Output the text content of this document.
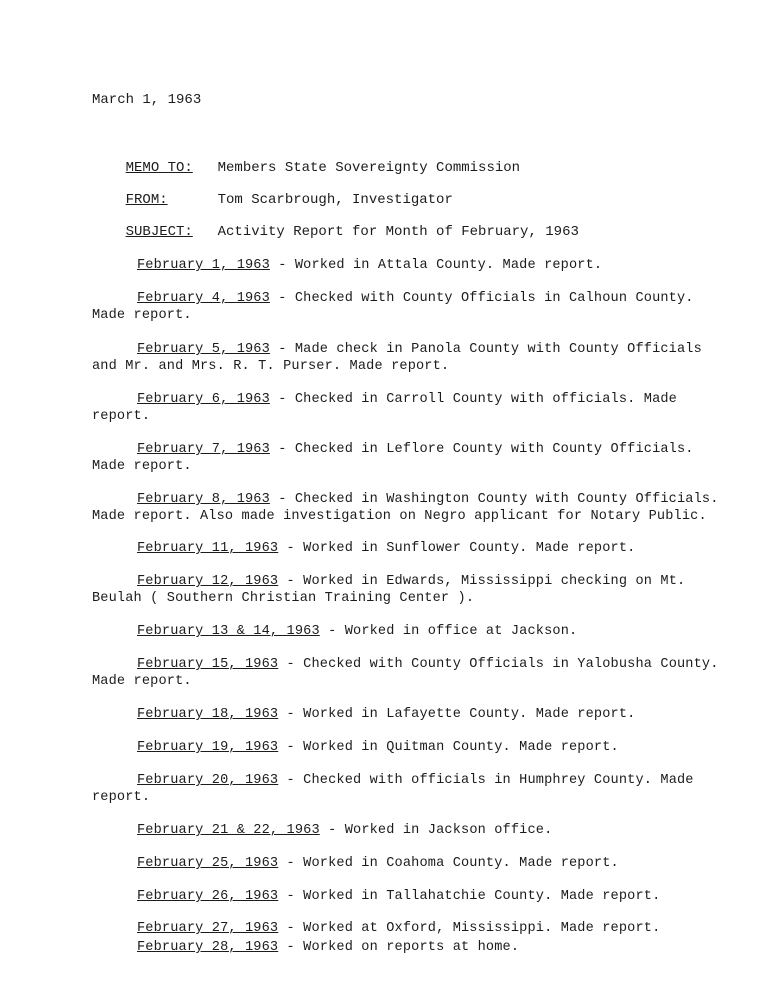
March 1, 1963

MEMO TO: Members State Sovereignty Commission

FROM:	Tom Scarbrough, Investigator

SUBJECT: Activity Report for Month of February, 1963

February 1, 1963 - Worked in Attala County. Made report.
February 4, 1963 - Checked with County Officials in Calhoun County. Made report.
February 5, 1963 - Made check in Panola County with County Officials and Mr. and Mrs. R. T. Purser. Made report.
February 6, 1963 - Checked in Carroll County with officials. Made report.
February 7, 1963 - Checked in Leflore County with County Officials. Made report.
February 8, 1963 - Checked in Washington County with County Officials. Made report. Also made investigation on Negro applicant for Notary Public.
February 11, 1963 - Worked in Sunflower County. Made report.
February 12, 1963 - Worked in Edwards, Mississippi checking on Mt. Beulah ( Southern Christian Training Center ).
February 13 & 14, 1963 - Worked in office at Jackson.
February 15, 1963 - Checked with County Officials in Yalobusha County. Made report.
February 18, 1963 - Worked in Lafayette County. Made report.
February 19, 1963 - Worked in Quitman County. Made report.
February 20, 1963 - Checked with officials in Humphrey County. Made report.
February 21 & 22, 1963 - Worked in Jackson office.
February 25, 1963 - Worked in Coahoma County. Made report.
February 26, 1963 - Worked in Tallahatchie County. Made report.
February 27, 1963 - Worked at Oxford, Mississippi. Made report.
February 28, 1963 - Worked on reports at home.
